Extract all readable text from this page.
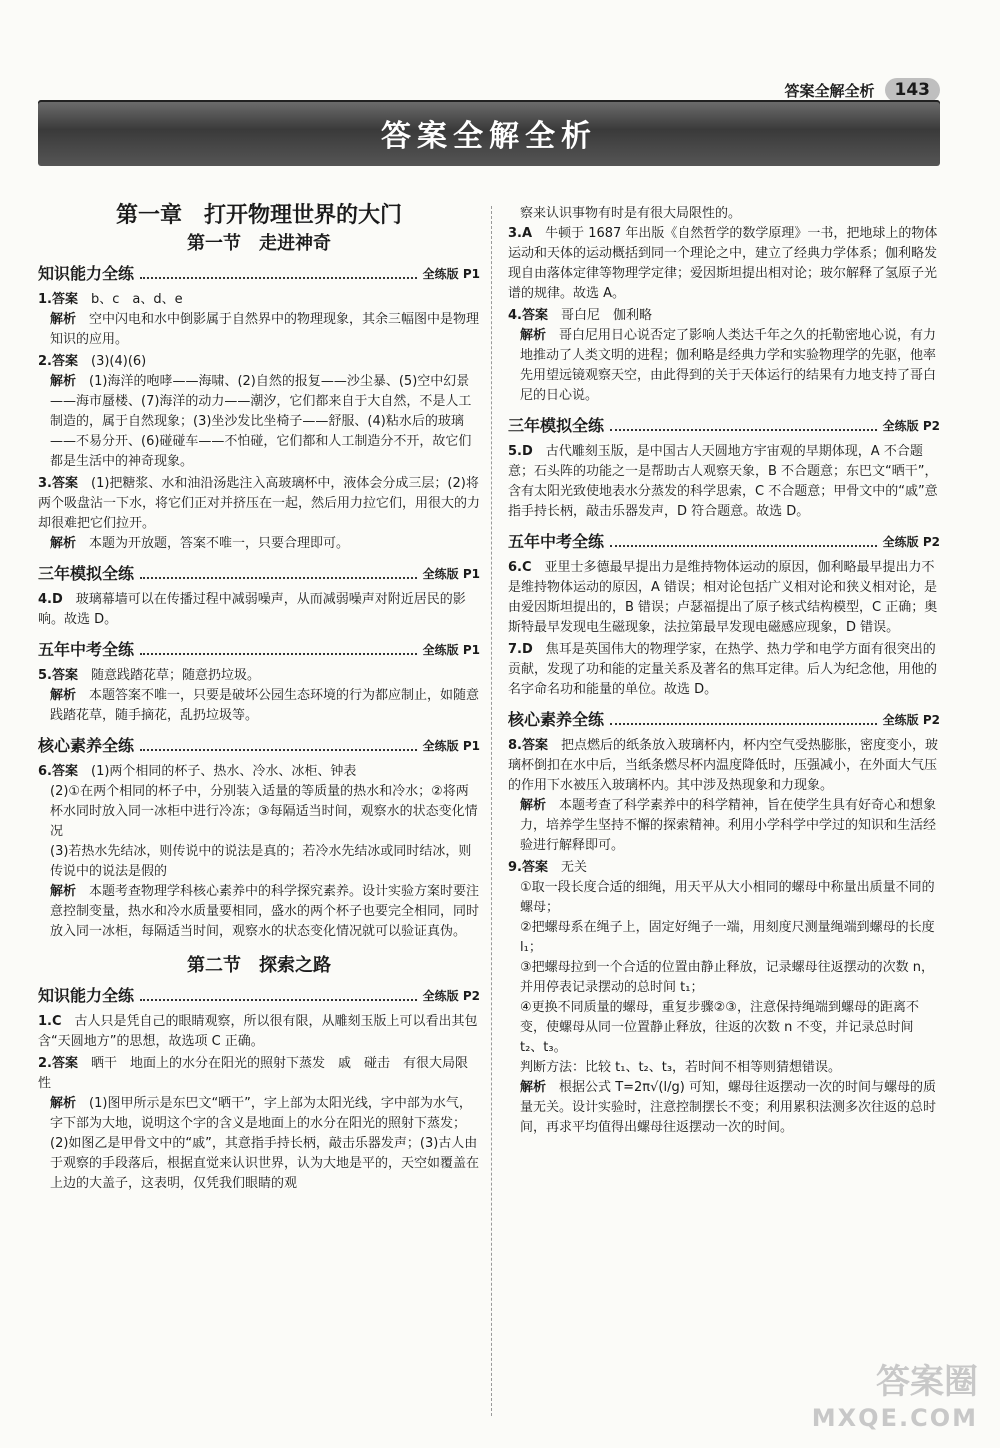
答案全解全析	143
答案全解全析
第一章　打开物理世界的大门
第一节　走进神奇
知识能力全练	全练版 P1

1.答案　 b、c　a、d、e

解析　 空中闪电和水中倒影属于自然界中的物理现象，其余三幅图中是物理知识的应用。

2.答案　 (3)(4)(6)

解析　 (1)海洋的咆哮——海啸、(2)自然的报复——沙尘暴、(5)空中幻景——海市蜃楼、(7)海洋的动力——潮汐，它们都来自于大自然，不是人工制造的，属于自然现象；(3)坐沙发比坐椅子——舒服、(4)粘水后的玻璃——不易分开、(6)碰碰车——不怕碰，它们都和人工制造分不开，故它们都是生活中的神奇现象。

3.答案　 (1)把糖浆、水和油沿汤匙注入高玻璃杯中，液体会分成三层；(2)将两个吸盘沾一下水，将它们正对并挤压在一起，然后用力拉它们，用很大的力却很难把它们拉开。

解析　 本题为开放题，答案不唯一，只要合理即可。

三年模拟全练	全练版 P1

4.D　 玻璃幕墙可以在传播过程中减弱噪声，从而减弱噪声对附近居民的影响。故选 D。

五年中考全练	全练版 P1

5.答案　 随意践踏花草；随意扔垃圾。

解析　 本题答案不唯一，只要是破坏公园生态环境的行为都应制止，如随意践踏花草，随手摘花，乱扔垃圾等。

核心素养全练	全练版 P1

6.答案　 (1)两个相同的杯子、热水、冷水、冰柜、钟表

(2)①在两个相同的杯子中，分别装入适量的等质量的热水和冷水；②将两杯水同时放入同一冰柜中进行冷冻；③每隔适当时间，观察水的状态变化情况

(3)若热水先结冰，则传说中的说法是真的；若冷水先结冰或同时结冰，则传说中的说法是假的

解析　 本题考查物理学科核心素养中的科学探究素养。设计实验方案时要注意控制变量，热水和冷水质量要相同，盛水的两个杯子也要完全相同，同时放入同一冰柜，每隔适当时间，观察水的状态变化情况就可以验证真伪。

第二节　探索之路
知识能力全练	全练版 P2

1.C　 古人只是凭自己的眼睛观察，所以很有限，从雕刻玉版上可以看出其包含“天圆地方”的思想，故选项 C 正确。

2.答案　 晒干　地面上的水分在阳光的照射下蒸发　戚　碰击　有很大局限性

解析　 (1)图甲所示是东巴文“晒干”，字上部为太阳光线，字中部为水气，字下部为大地，说明这个字的含义是地面上的水分在阳光的照射下蒸发；(2)如图乙是甲骨文中的“戚”，其意指手持长柄，敲击乐器发声；(3)古人由于观察的手段落后，根据直觉来认识世界，认为大地是平的，天空如覆盖在上边的大盖子，这表明，仅凭我们眼睛的观

察来认识事物有时是有很大局限性的。

3.A　 牛顿于 1687 年出版《自然哲学的数学原理》一书，把地球上的物体运动和天体的运动概括到同一个理论之中，建立了经典力学体系；伽利略发现自由落体定律等物理学定律；爱因斯坦提出相对论；玻尔解释了氢原子光谱的规律。故选 A。

4.答案　 哥白尼　伽利略

解析　 哥白尼用日心说否定了影响人类达千年之久的托勒密地心说，有力地推动了人类文明的进程；伽利略是经典力学和实验物理学的先驱，他率先用望远镜观察天空，由此得到的关于天体运行的结果有力地支持了哥白尼的日心说。

三年模拟全练	全练版 P2

5.D　 古代雕刻玉版，是中国古人天圆地方宇宙观的早期体现，A 不合题意；石头阵的功能之一是帮助古人观察天象，B 不合题意；东巴文“晒干”，含有太阳光致使地表水分蒸发的科学思索，C 不合题意；甲骨文中的“戚”意指手持长柄，敲击乐器发声，D 符合题意。故选 D。

五年中考全练	全练版 P2

6.C　 亚里士多德最早提出力是维持物体运动的原因，伽利略最早提出力不是维持物体运动的原因，A 错误；相对论包括广义相对论和狭义相对论，是由爱因斯坦提出的，B 错误；卢瑟福提出了原子核式结构模型，C 正确；奥斯特最早发现电生磁现象，法拉第最早发现电磁感应现象，D 错误。

7.D　 焦耳是英国伟大的物理学家，在热学、热力学和电学方面有很突出的贡献，发现了功和能的定量关系及著名的焦耳定律。后人为纪念他，用他的名字命名功和能量的单位。故选 D。

核心素养全练	全练版 P2

8.答案　 把点燃后的纸条放入玻璃杯内，杯内空气受热膨胀，密度变小，玻璃杯倒扣在水中后，当纸条燃尽杯内温度降低时，压强减小，在外面大气压的作用下水被压入玻璃杯内。其中涉及热现象和力现象。

解析　 本题考查了科学素养中的科学精神，旨在使学生具有好奇心和想象力，培养学生坚持不懈的探索精神。利用小学科学中学过的知识和生活经验进行解释即可。

9.答案　 无关

①取一段长度合适的细绳，用天平从大小相同的螺母中称量出质量不同的螺母；

②把螺母系在绳子上，固定好绳子一端，用刻度尺测量绳端到螺母的长度 l₁；

③把螺母拉到一个合适的位置由静止释放，记录螺母往返摆动的次数 n，并用停表记录摆动的总时间 t₁；

④更换不同质量的螺母，重复步骤②③，注意保持绳端到螺母的距离不变，使螺母从同一位置静止释放，往返的次数 n 不变，并记录总时间 t₂、t₃。

判断方法：比较 t₁、t₂、t₃，若时间不相等则猜想错误。

解析　 根据公式 T=2π√(l/g) 可知，螺母往返摆动一次的时间与螺母的质量无关。设计实验时，注意控制摆长不变；利用累积法测多次往返的总时间，再求平均值得出螺母往返摆动一次的时间。

答案圈
MXQE.COM
